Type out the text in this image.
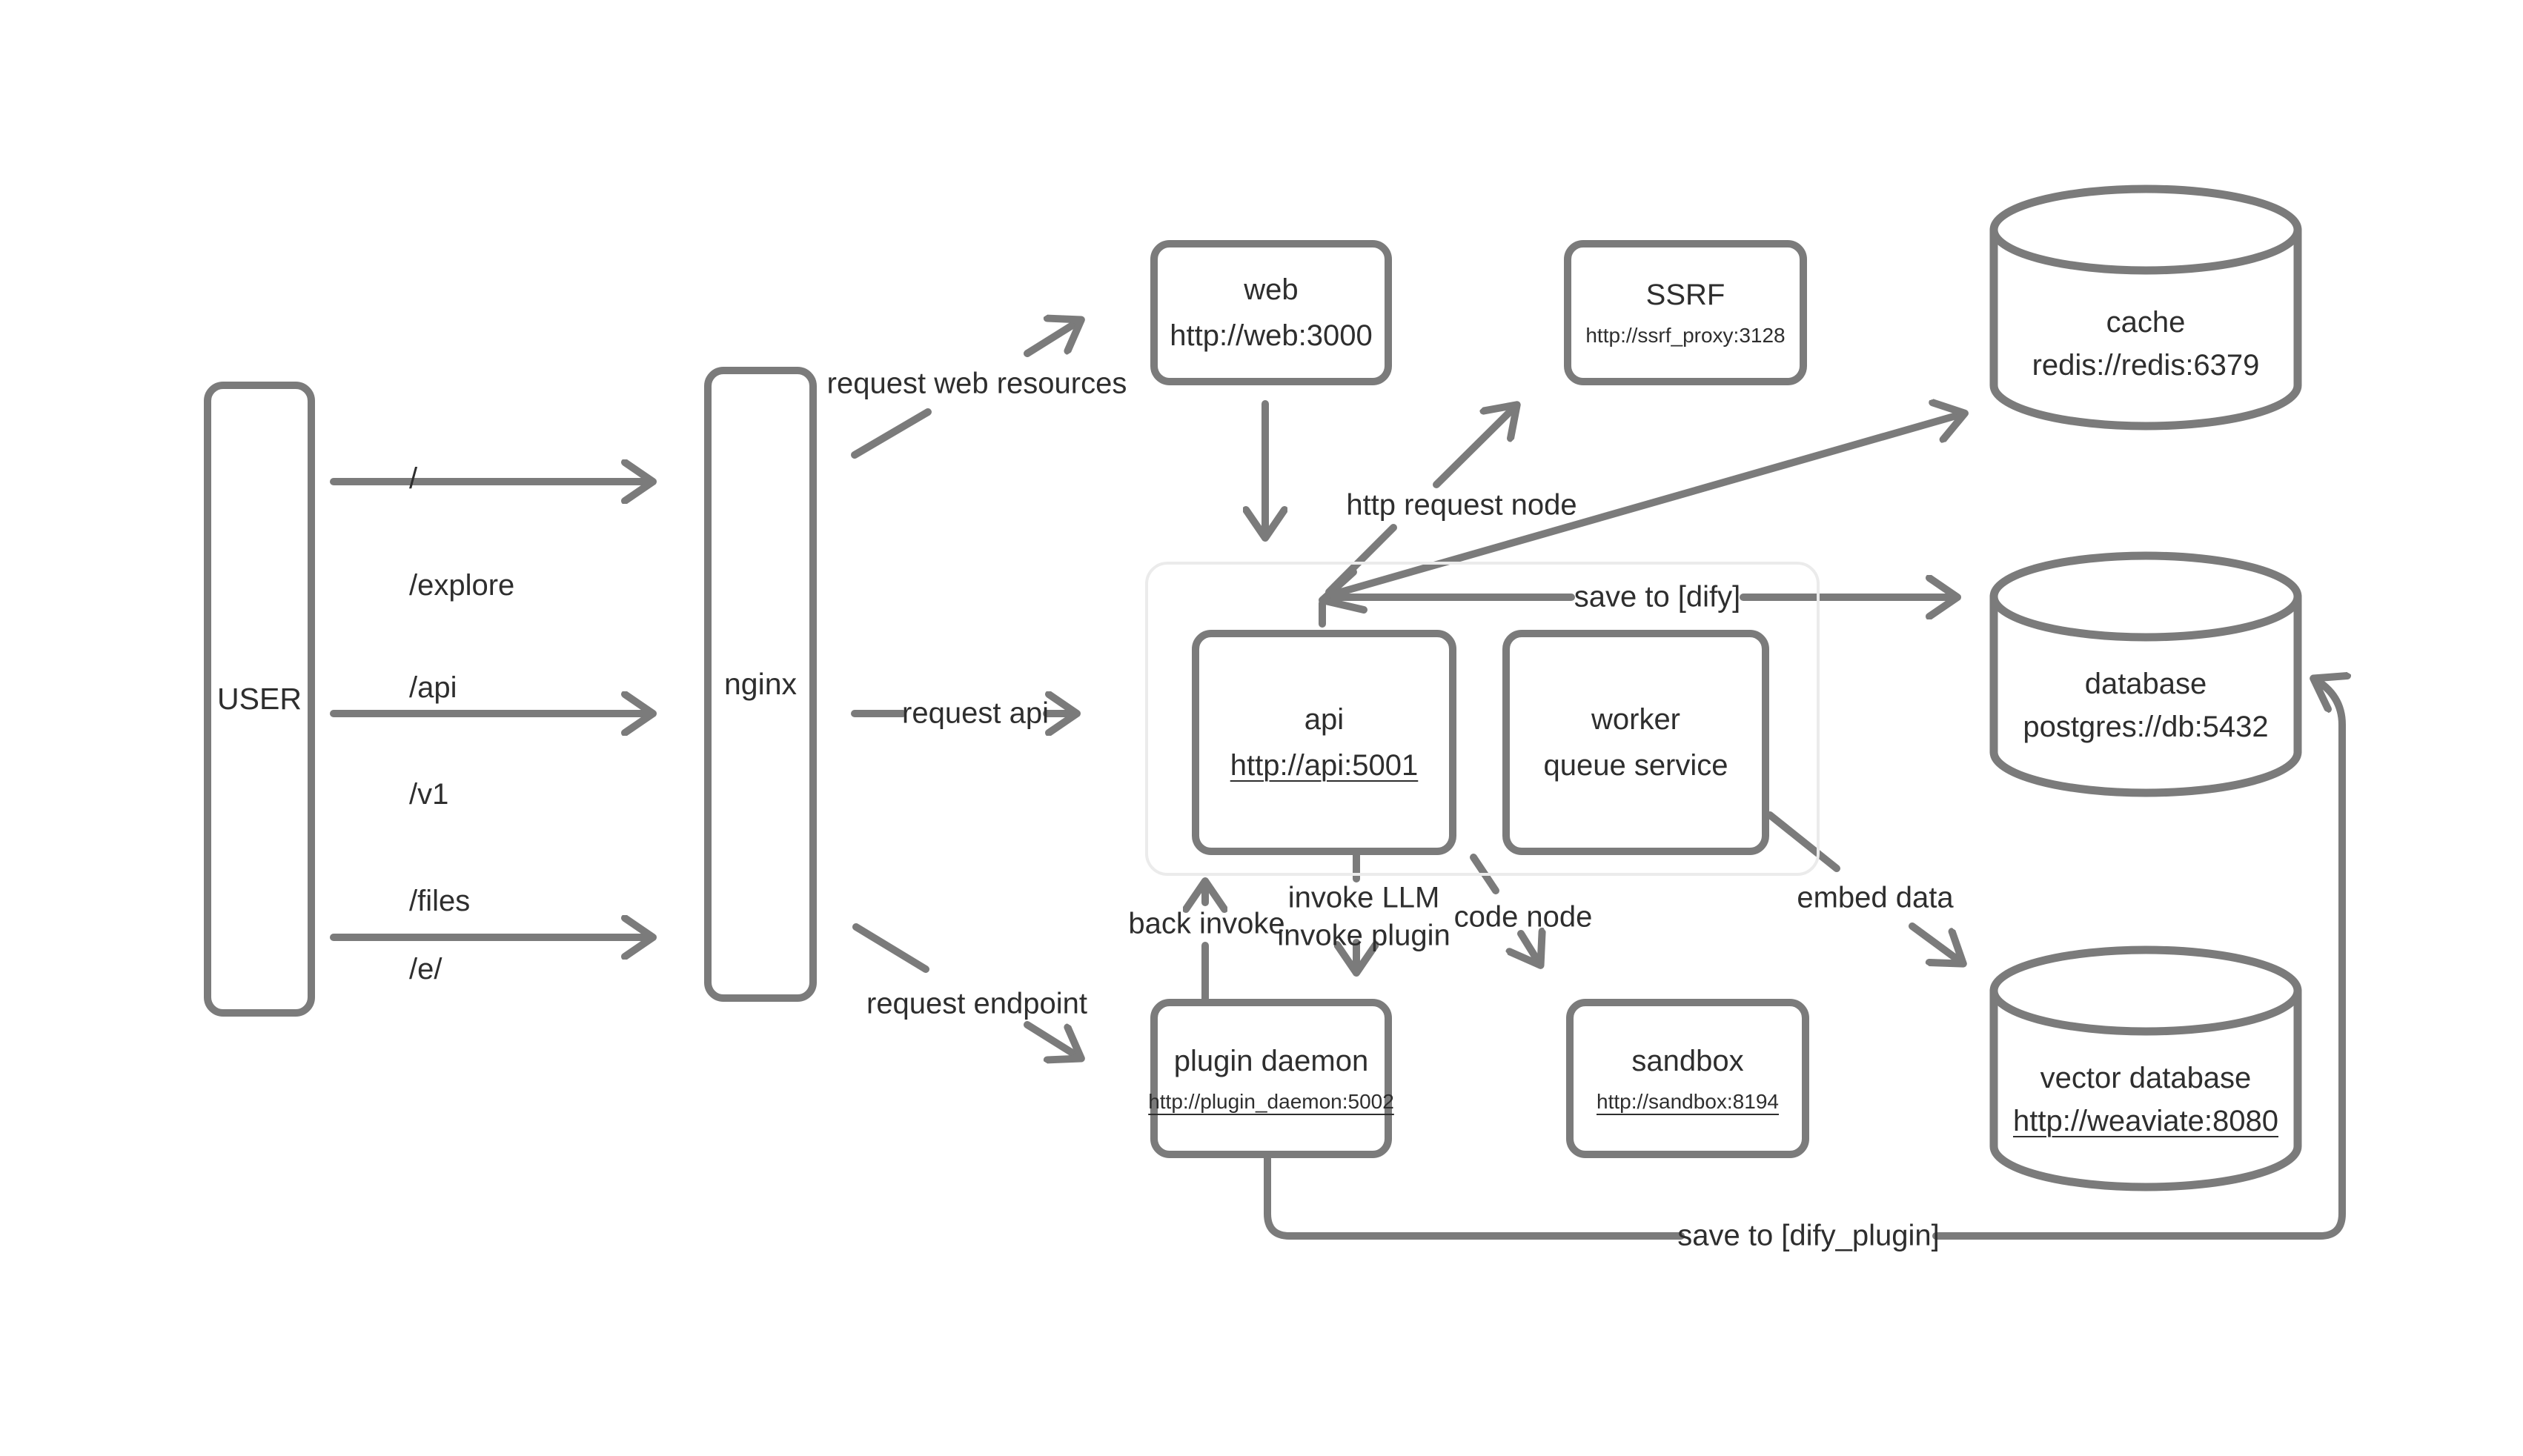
USER	nginx
web
http://web:3000
SSRF
http://ssrf_proxy:3128
api
http://api:5001
worker
queue service
plugin daemon
http://plugin_daemon:5002
sandbox
http://sandbox:8194
cache
redis://redis:6379
database
postgres://db:5432
vector database
http://weaviate:8080

/

/explore

/api

/v1

/files

/e/

request web resources
request api
request endpoint
http request node
save to [dify]
back invoke
invoke LLM
invoke plugin
code node
embed data
save to [dify_plugin]
